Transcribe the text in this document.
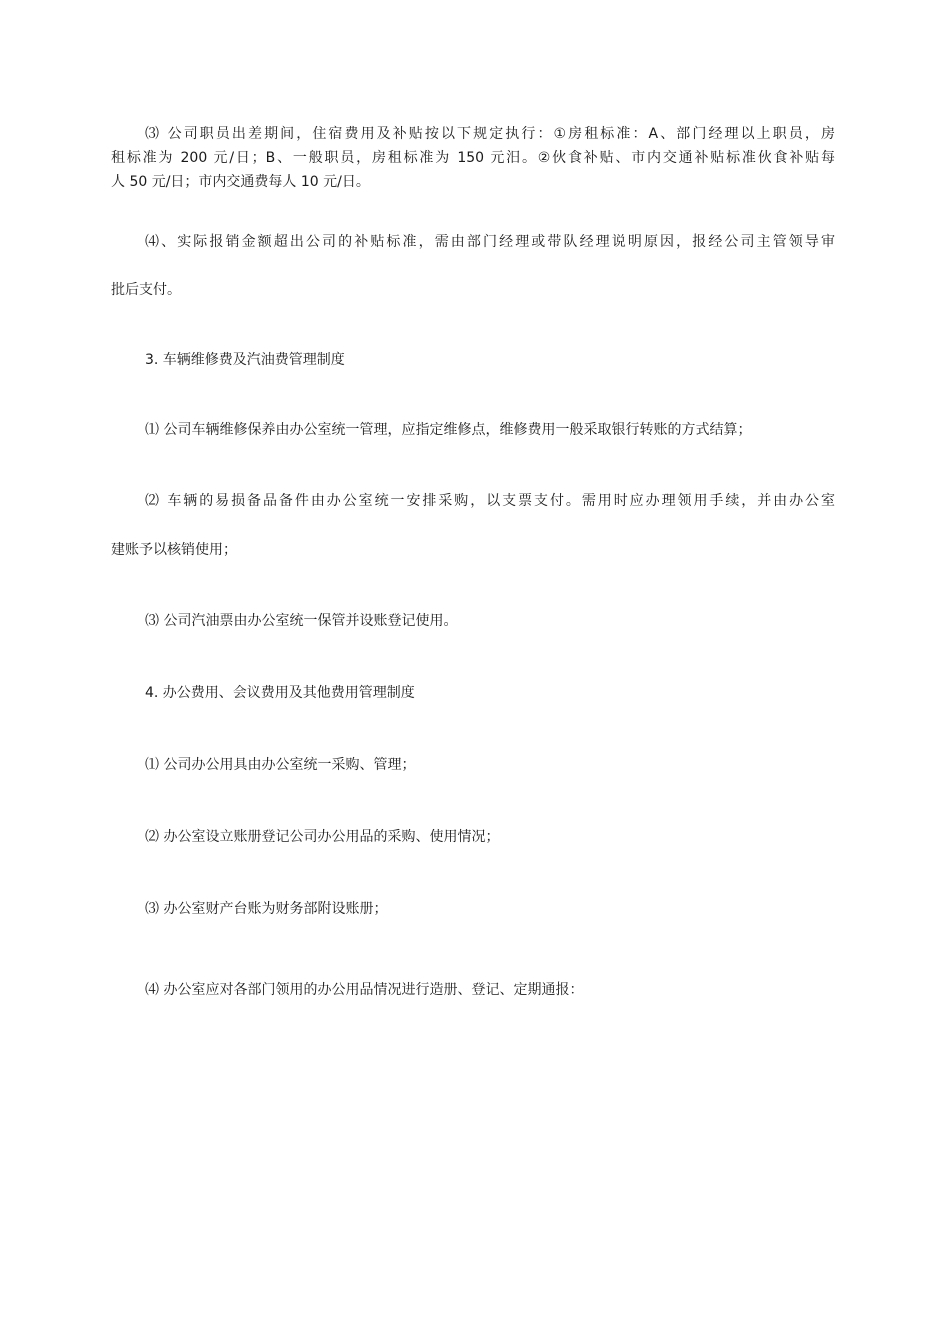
⑶ 公司职员出差期间，住宿费用及补贴按以下规定执行：①房租标准：A、部门经理以上职员，房
租标准为 200 元/日；B、一般职员，房租标准为 150 元汨。②伙食补贴、市内交通补贴标准伙食补贴每
人 50 元/日；市内交通费每人 10 元/日。
⑷、实际报销金额超出公司的补贴标准，需由部门经理或带队经理说明原因，报经公司主管领导审
批后支付。
3. 车辆维修费及汽油费管理制度
⑴ 公司车辆维修保养由办公室统一管理，应指定维修点，维修费用一般采取银行转账的方式结算；
⑵ 车辆的易损备品备件由办公室统一安排采购，以支票支付。需用时应办理领用手续，并由办公室
建账予以核销使用；
⑶ 公司汽油票由办公室统一保管并设账登记使用。
4. 办公费用、会议费用及其他费用管理制度
⑴ 公司办公用具由办公室统一采购、管理；
⑵ 办公室设立账册登记公司办公用品的采购、使用情况；
⑶ 办公室财产台账为财务部附设账册；
⑷ 办公室应对各部门领用的办公用品情况进行造册、登记、定期通报：
